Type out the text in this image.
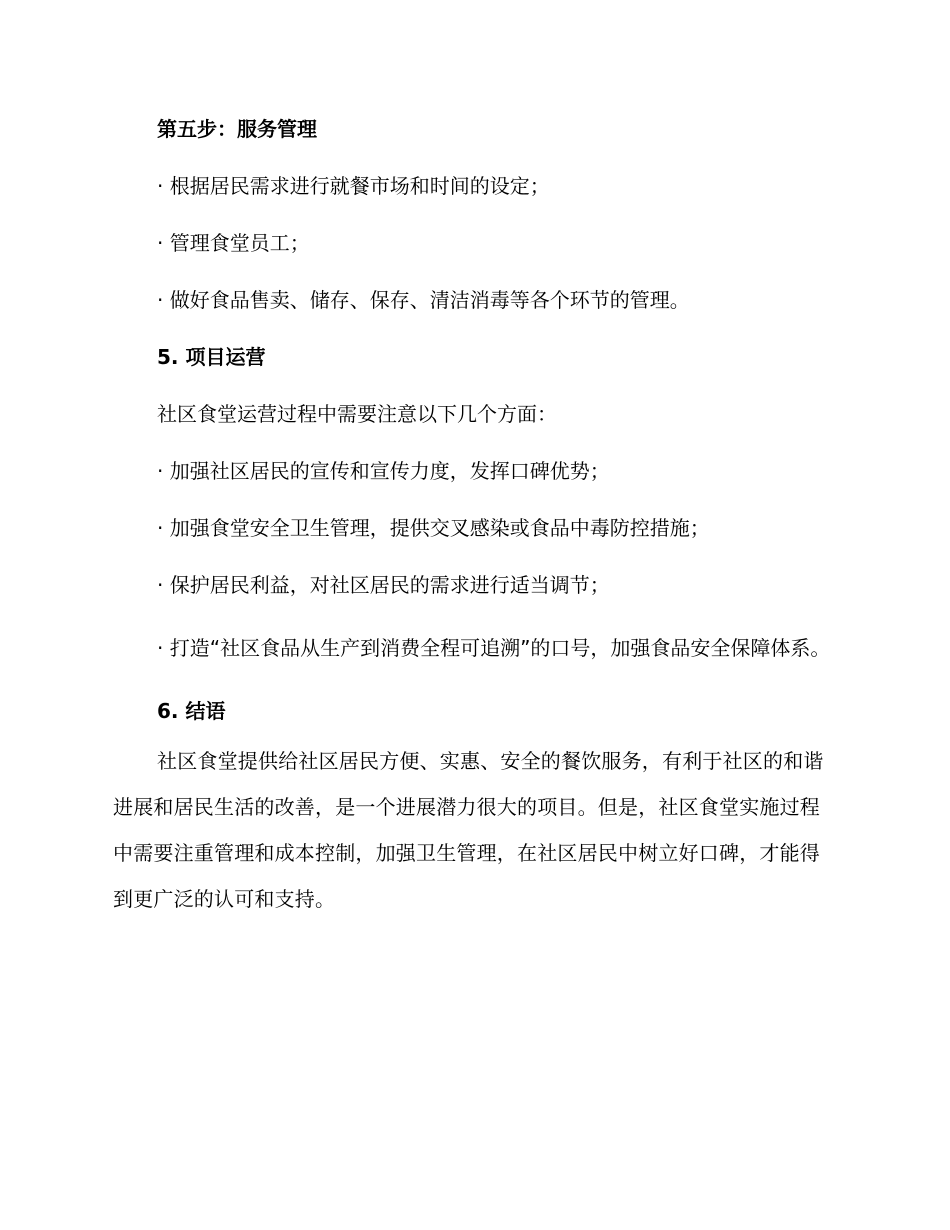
第五步：服务管理

· 根据居民需求进行就餐市场和时间的设定；

· 管理食堂员工；

· 做好食品售卖、储存、保存、清洁消毒等各个环节的管理。

5. 项目运营

社区食堂运营过程中需要注意以下几个方面：

· 加强社区居民的宣传和宣传力度，发挥口碑优势；

· 加强食堂安全卫生管理，提供交叉感染或食品中毒防控措施；

· 保护居民利益，对社区居民的需求进行适当调节；

· 打造“社区食品从生产到消费全程可追溯”的口号，加强食品安全保障体系。

6. 结语

社区食堂提供给社区居民方便、实惠、安全的餐饮服务，有利于社区的和谐进展和居民生活的改善，是一个进展潜力很大的项目。但是，社区食堂实施过程中需要注重管理和成本控制，加强卫生管理，在社区居民中树立好口碑，才能得到更广泛的认可和支持。
